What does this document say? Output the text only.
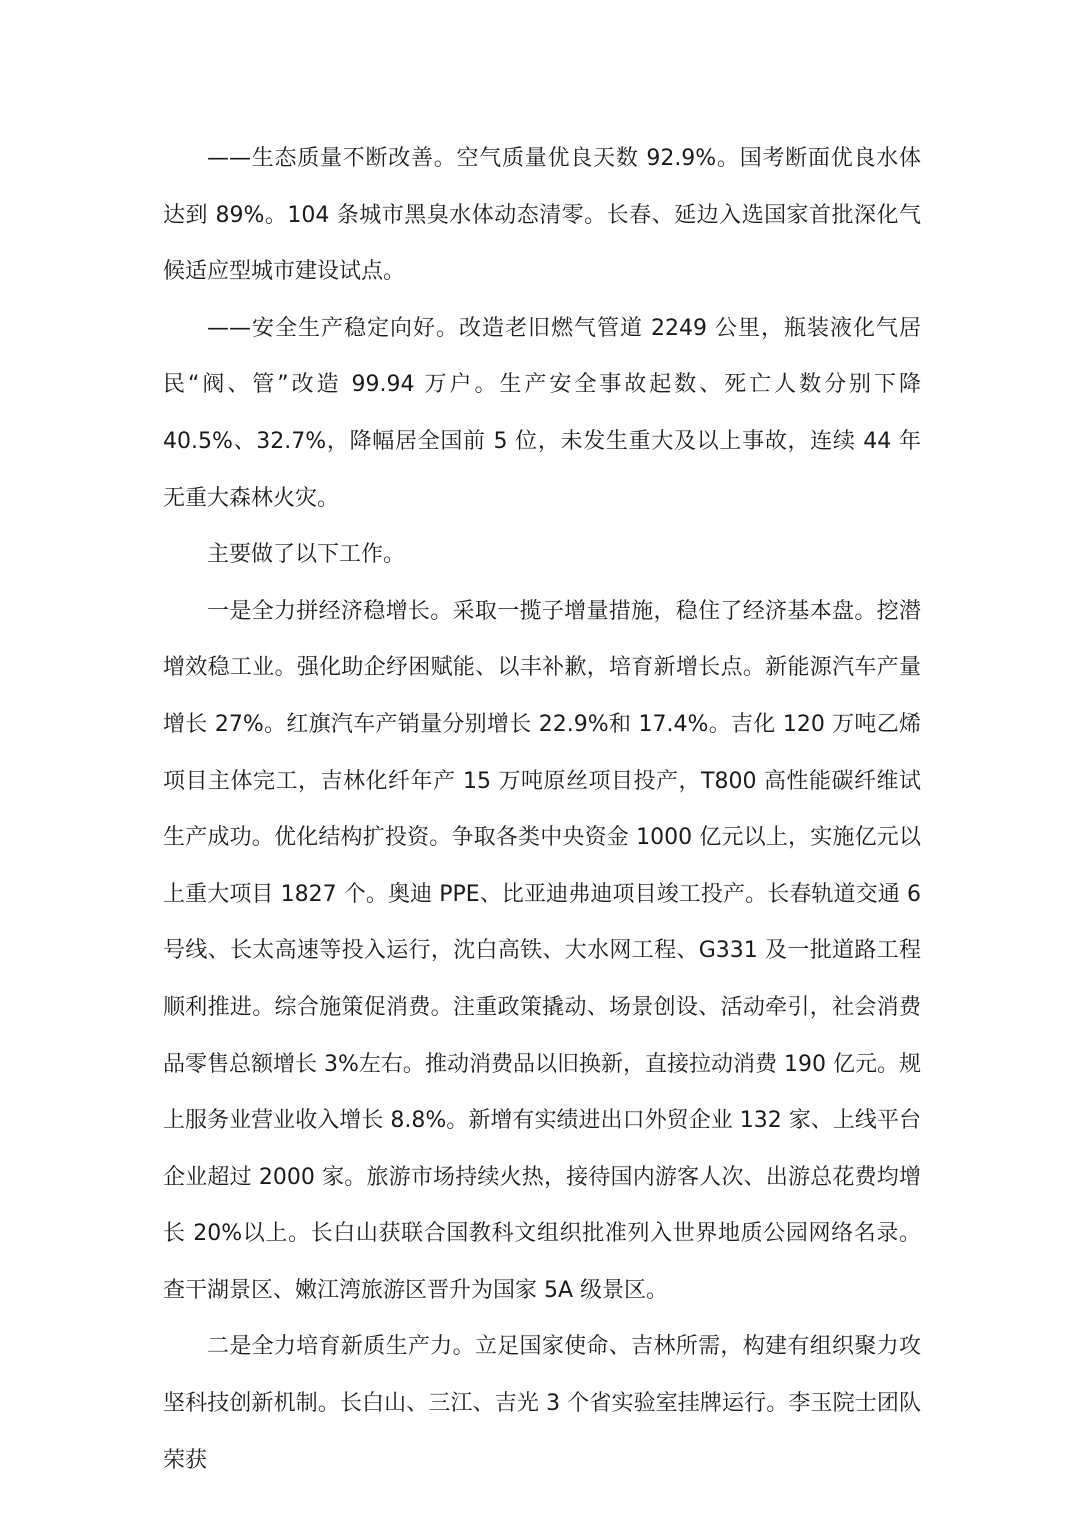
——生态质量不断改善。空气质量优良天数 92.9%。国考断面优良水体达到 89%。104 条城市黑臭水体动态清零。长春、延边入选国家首批深化气候适应型城市建设试点。

——安全生产稳定向好。改造老旧燃气管道 2249 公里，瓶装液化气居民“阀、管”改造 99.94 万户。生产安全事故起数、死亡人数分别下降 40.5%、32.7%，降幅居全国前 5 位，未发生重大及以上事故，连续 44 年无重大森林火灾。

主要做了以下工作。

一是全力拼经济稳增长。采取一揽子增量措施，稳住了经济基本盘。挖潜增效稳工业。强化助企纾困赋能、以丰补歉，培育新增长点。新能源汽车产量增长 27%。红旗汽车产销量分别增长 22.9%和 17.4%。吉化 120 万吨乙烯项目主体完工，吉林化纤年产 15 万吨原丝项目投产，T800 高性能碳纤维试生产成功。优化结构扩投资。争取各类中央资金 1000 亿元以上，实施亿元以上重大项目 1827 个。奥迪 PPE、比亚迪弗迪项目竣工投产。长春轨道交通 6 号线、长太高速等投入运行，沈白高铁、大水网工程、G331 及一批道路工程顺利推进。综合施策促消费。注重政策撬动、场景创设、活动牵引，社会消费品零售总额增长 3%左右。推动消费品以旧换新，直接拉动消费 190 亿元。规上服务业营业收入增长 8.8%。新增有实绩进出口外贸企业 132 家、上线平台企业超过 2000 家。旅游市场持续火热，接待国内游客人次、出游总花费均增长 20%以上。长白山获联合国教科文组织批准列入世界地质公园网络名录。查干湖景区、嫩江湾旅游区晋升为国家 5A 级景区。

二是全力培育新质生产力。立足国家使命、吉林所需，构建有组织聚力攻坚科技创新机制。长白山、三江、吉光 3 个省实验室挂牌运行。李玉院士团队荣获
